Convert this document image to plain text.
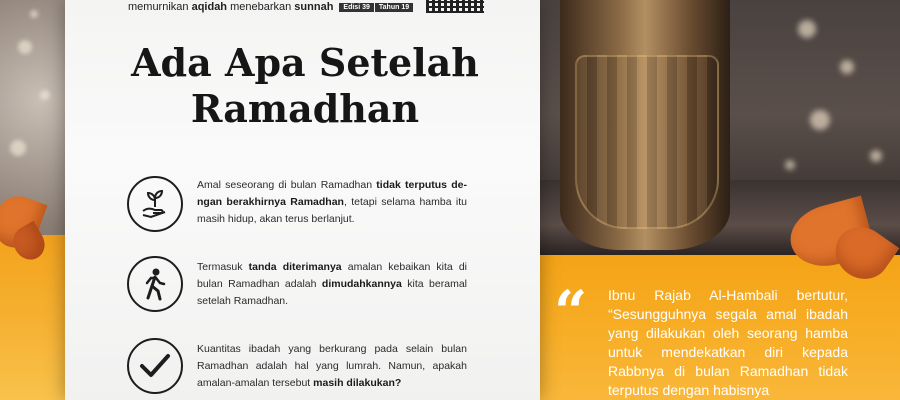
memurnikan aqidah menebarkan sunnah	Edisi 39	Tahun 19
Ada Apa Setelah
Ramadhan
Amal seseorang di bulan Ramadhan tidak terputus de-ngan berakhirnya Ramadhan, tetapi selama hamba itu masih hidup, akan terus berlanjut.
Termasuk tanda diterimanya amalan kebaikan kita di bulan Ramadhan adalah dimudahkannya kita beramal setelah Ramadhan.
Kuantitas ibadah yang berkurang pada selain bulan Ramadhan adalah hal yang lumrah. Namun, apakah amalan-amalan tersebut masih dilakukan?
“ Ibnu Rajab Al-Hambali bertutur, “Sesungguhnya segala amal ibadah yang dilakukan oleh seorang hamba untuk mendekatkan diri kepada Rabbnya di bulan Ramadhan tidak terputus dengan habisnya
